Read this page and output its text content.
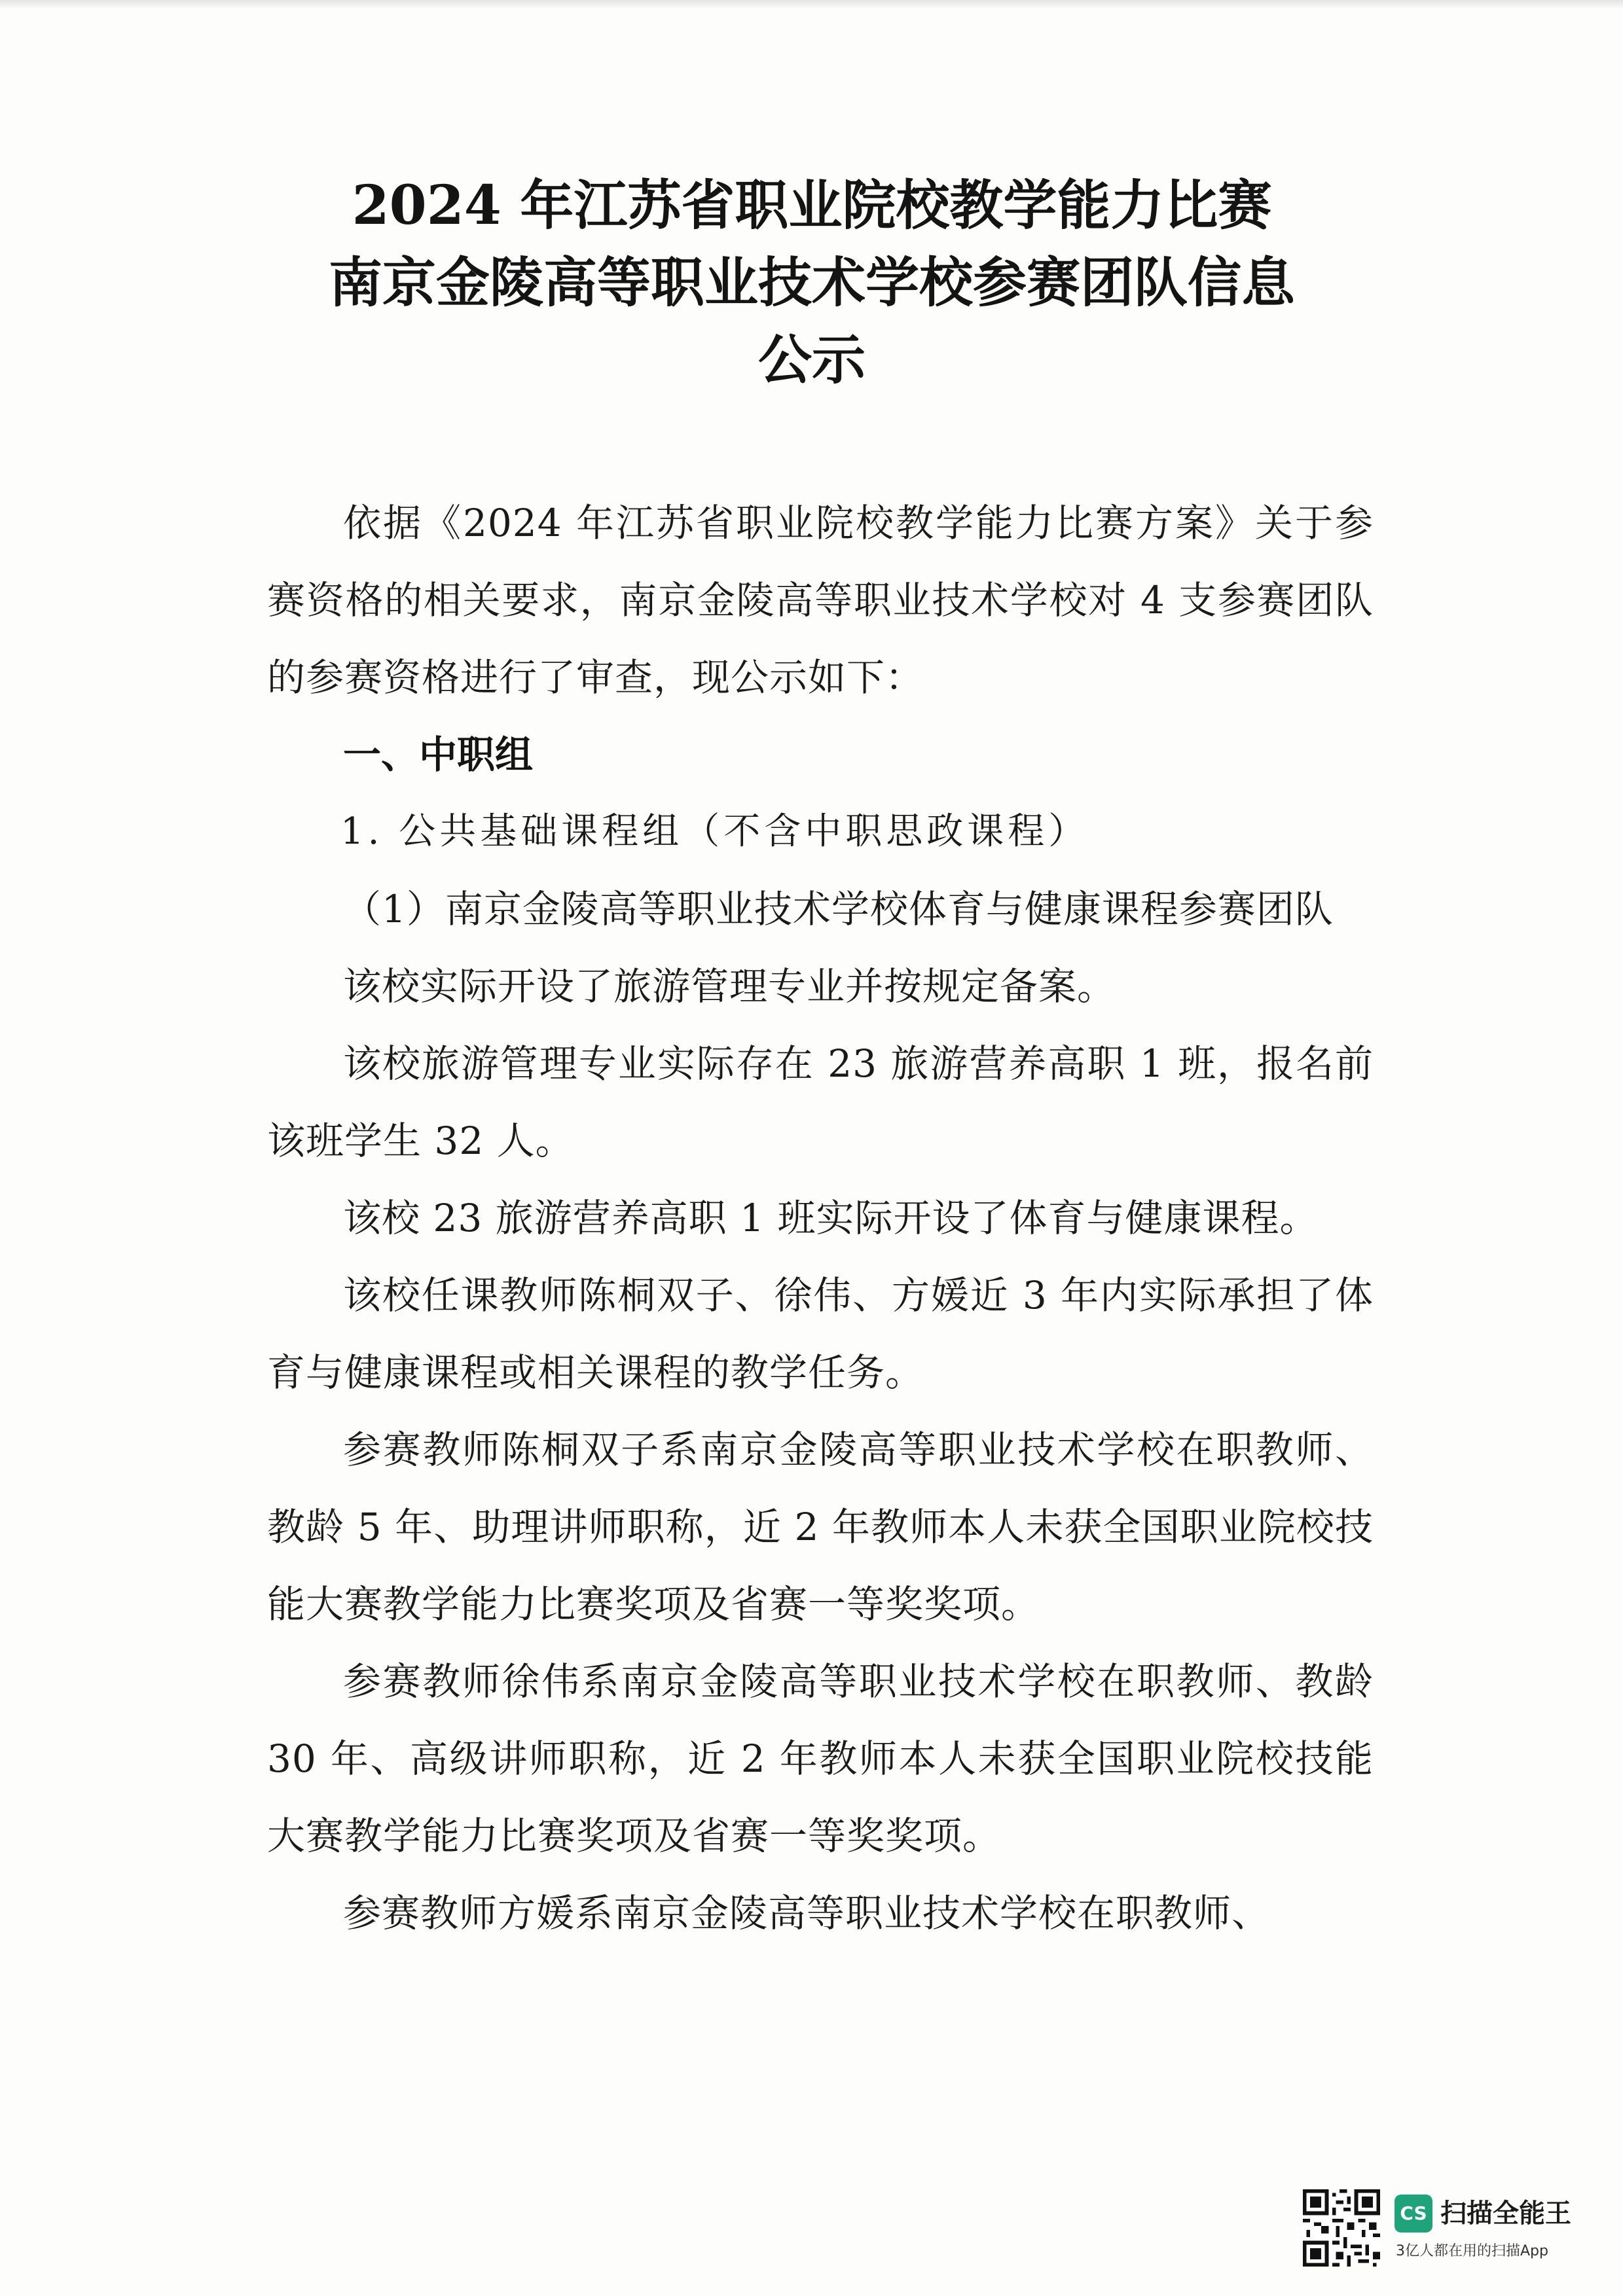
2024 年江苏省职业院校教学能力比赛
南京金陵高等职业技术学校参赛团队信息
公示

依据《2024 年江苏省职业院校教学能力比赛方案》关于参赛资格的相关要求，南京金陵高等职业技术学校对 4 支参赛团队的参赛资格进行了审查，现公示如下：

一、中职组

1. 公共基础课程组（不含中职思政课程）

（1）南京金陵高等职业技术学校体育与健康课程参赛团队

该校实际开设了旅游管理专业并按规定备案。

该校旅游管理专业实际存在 23 旅游营养高职 1 班，报名前该班学生 32 人。

该校 23 旅游营养高职 1 班实际开设了体育与健康课程。

该校任课教师陈桐双子、徐伟、方媛近 3 年内实际承担了体育与健康课程或相关课程的教学任务。

参赛教师陈桐双子系南京金陵高等职业技术学校在职教师、教龄 5 年、助理讲师职称，近 2 年教师本人未获全国职业院校技能大赛教学能力比赛奖项及省赛一等奖奖项。

参赛教师徐伟系南京金陵高等职业技术学校在职教师、教龄 30 年、高级讲师职称，近 2 年教师本人未获全国职业院校技能大赛教学能力比赛奖项及省赛一等奖奖项。

参赛教师方媛系南京金陵高等职业技术学校在职教师、

CS 扫描全能王
3亿人都在用的扫描App
